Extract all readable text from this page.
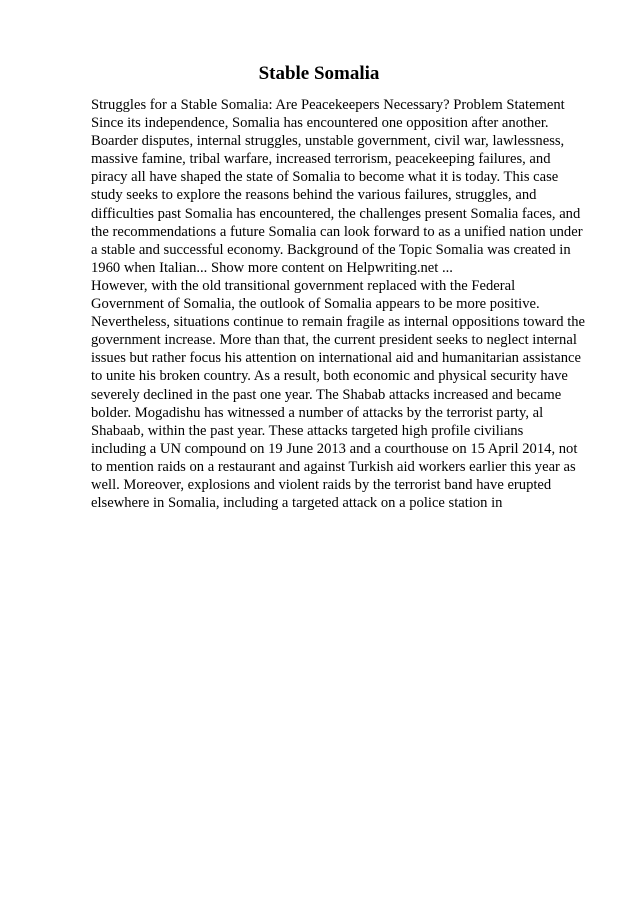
Stable Somalia
Struggles for a Stable Somalia: Are Peacekeepers Necessary? Problem Statement
Since its independence, Somalia has encountered one opposition after another.
Boarder disputes, internal struggles, unstable government, civil war, lawlessness,
massive famine, tribal warfare, increased terrorism, peacekeeping failures, and
piracy all have shaped the state of Somalia to become what it is today. This case
study seeks to explore the reasons behind the various failures, struggles, and
difficulties past Somalia has encountered, the challenges present Somalia faces, and
the recommendations a future Somalia can look forward to as a unified nation under
a stable and successful economy. Background of the Topic Somalia was created in
1960 when Italian... Show more content on Helpwriting.net ...
However, with the old transitional government replaced with the Federal
Government of Somalia, the outlook of Somalia appears to be more positive.
Nevertheless, situations continue to remain fragile as internal oppositions toward the
government increase. More than that, the current president seeks to neglect internal
issues but rather focus his attention on international aid and humanitarian assistance
to unite his broken country. As a result, both economic and physical security have
severely declined in the past one year. The Shabab attacks increased and became
bolder. Mogadishu has witnessed a number of attacks by the terrorist party, al
Shabaab, within the past year. These attacks targeted high profile civilians
including a UN compound on 19 June 2013 and a courthouse on 15 April 2014, not
to mention raids on a restaurant and against Turkish aid workers earlier this year as
well. Moreover, explosions and violent raids by the terrorist band have erupted
elsewhere in Somalia, including a targeted attack on a police station in
